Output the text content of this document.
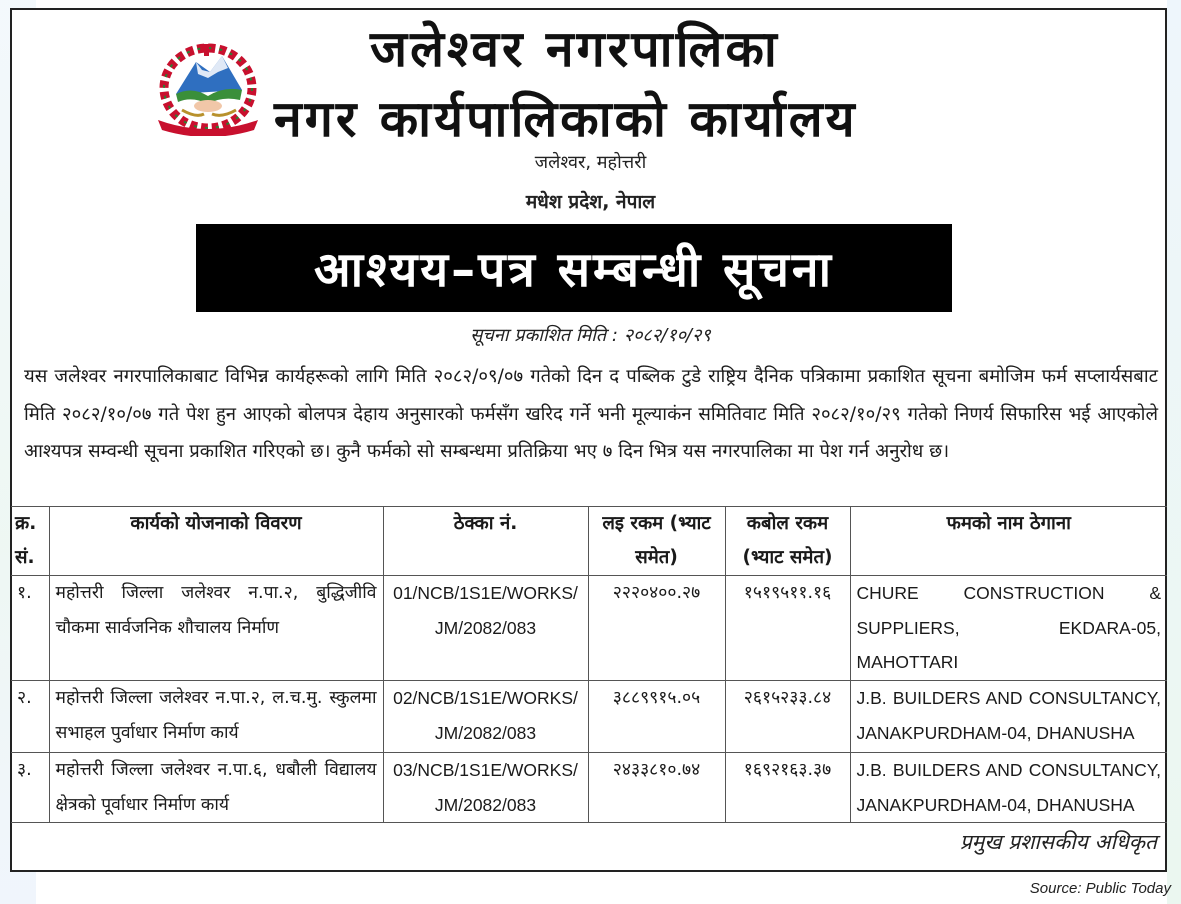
जलेश्वर नगरपालिका
नगर कार्यपालिकाको कार्यालय
जलेश्वर, महोत्तरी
मधेश प्रदेश, नेपाल
आश्यय–पत्र सम्बन्धी सूचना
सूचना प्रकाशित मिति : २०८२/१०/२९
यस जलेश्वर नगरपालिकाबाट विभिन्न कार्यहरूको लागि मिति २०८२/०९/०७ गतेको दिन द पब्लिक टुडे राष्ट्रिय दैनिक पत्रिकामा प्रकाशित सूचना बमोजिम फर्म सप्लार्यसबाट मिति २०८२/१०/०७ गते पेश हुन आएको बोलपत्र देहाय अनुसारको फर्मसँग खरिद गर्ने भनी मूल्याकंन समितिवाट मिति २०८२/१०/२९ गतेको निणर्य सिफारिस भई आएकोले आश्यपत्र सम्वन्धी सूचना प्रकाशित गरिएको छ। कुनै फर्मको सो सम्बन्धमा प्रतिक्रिया भए ७ दिन भित्र यस नगरपालिका मा पेश गर्न अनुरोध छ।
क्र. सं.	कार्यको योजनाको विवरण	ठेक्का नं.	लइ रकम (भ्याट समेत)	कबोल रकम (भ्याट समेत)	फमको नाम ठेगाना
१.	महोत्तरी जिल्ला जलेश्वर न.पा.२, बुद्धिजीवि चौकमा सार्वजनिक शौचालय निर्माण	01/NCB/1S1E/WORKS/ JM/2082/083	२२२०४००.२७	१५१९५११.१६	CHURE CONSTRUCTION & SUPPLIERS, EKDARA-05, MAHOTTARI
२.	महोत्तरी जिल्ला जलेश्वर न.पा.२, ल.च.मु. स्कुलमा सभाहल पुर्वाधार निर्माण कार्य	02/NCB/1S1E/WORKS/ JM/2082/083	३८८९९१५.०५	२६१५२३३.८४	J.B. BUILDERS AND CONSULTANCY, JANAKPURDHAM-04, DHANUSHA
३.	महोत्तरी जिल्ला जलेश्वर न.पा.६, धबौली विद्यालय क्षेत्रको पूर्वाधार निर्माण कार्य	03/NCB/1S1E/WORKS/ JM/2082/083	२४३३८१०.७४	१६९२१६३.३७	J.B. BUILDERS AND CONSULTANCY, JANAKPURDHAM-04, DHANUSHA
प्रमुख प्रशासकीय अधिकृत
Source: Public Today
